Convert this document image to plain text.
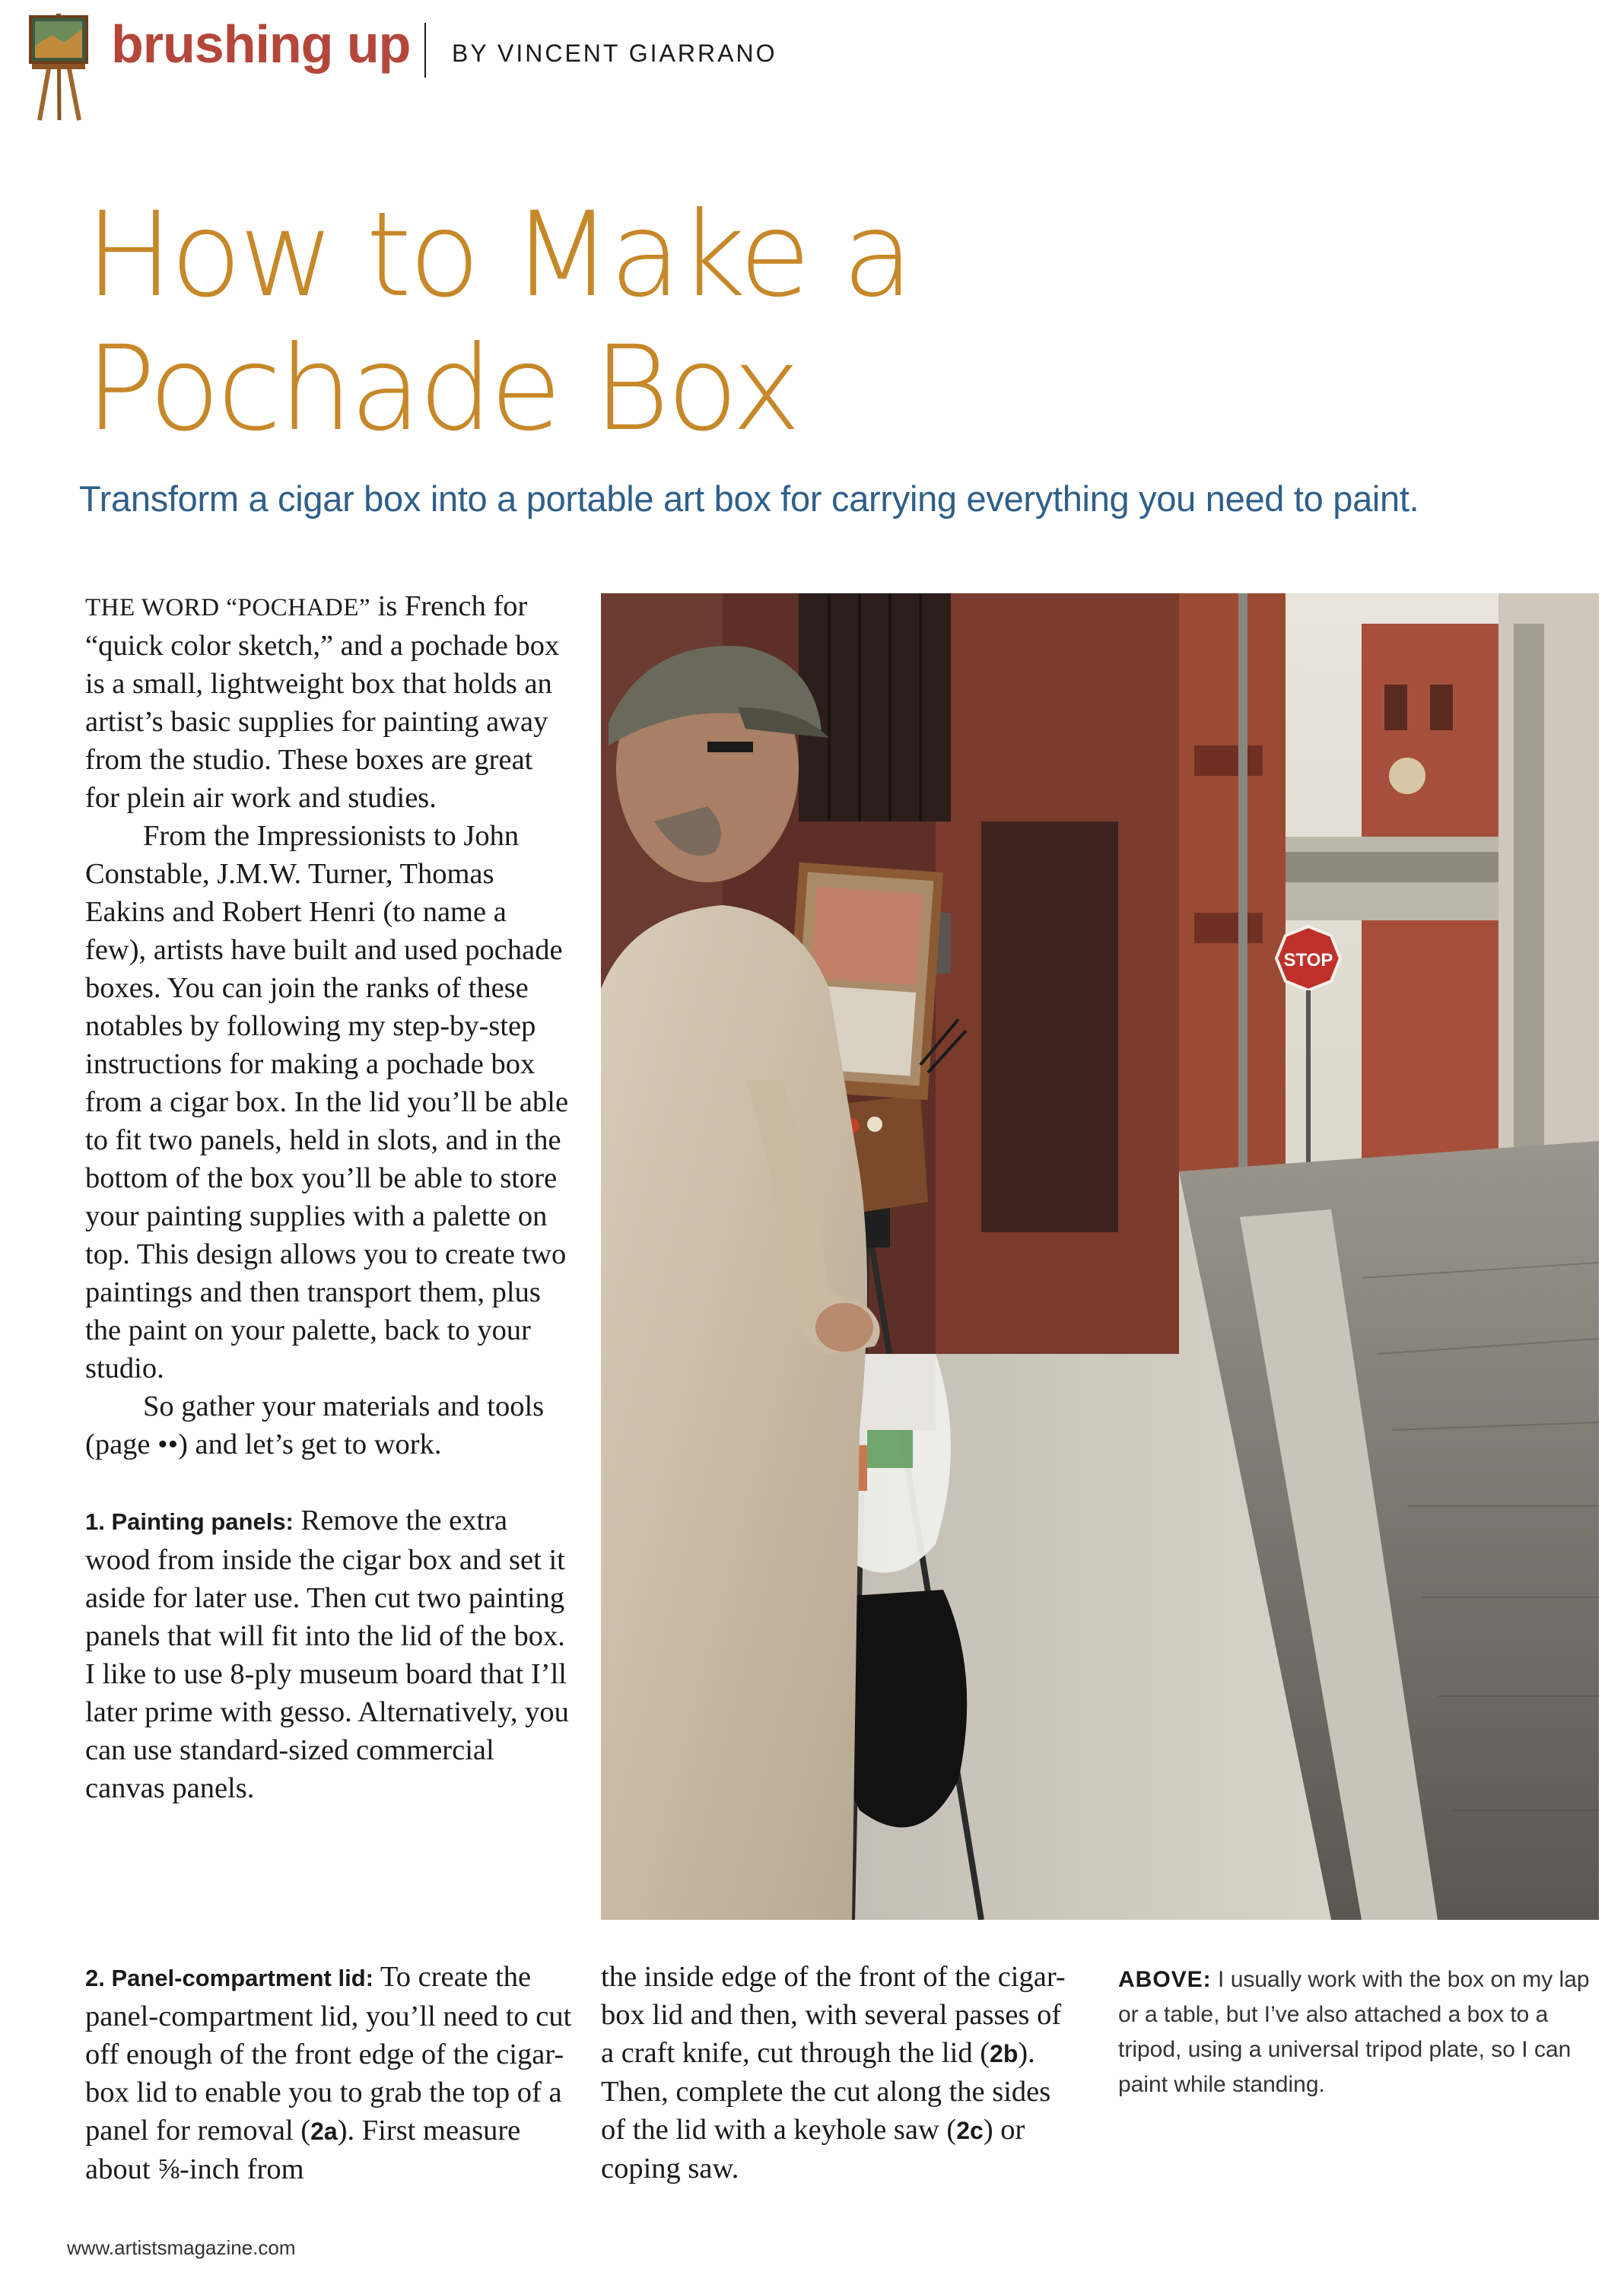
brushing up BY VINCENT GIARRANO
How to Make a
Pochade Box
Transform a cigar box into a portable art box for carrying everything you need to paint.

THE WORD “POCHADE” is French for “quick color sketch,” and a pochade box is a small, lightweight box that holds an artist’s basic supplies for painting away from the studio. These boxes are great for plein air work and studies.

From the Impressionists to John Constable, J.M.W. Turner, Thomas Eakins and Robert Henri (to name a few), artists have built and used pochade boxes. You can join the ranks of these notables by following my step-by-step instructions for making a pochade box from a cigar box. In the lid you’ll be able to fit two panels, held in slots, and in the bottom of the box you’ll be able to store your painting supplies with a palette on top. This design allows you to create two paintings and then transport them, plus the paint on your palette, back to your studio.

So gather your materials and tools (page ••) and let’s get to work.

1. Painting panels: Remove the extra wood from inside the cigar box and set it aside for later use. Then cut two painting panels that will fit into the lid of the box. I like to use 8-ply museum board that I’ll later prime with gesso. Alternatively, you can use standard-sized commercial canvas panels.

STOP

2. Panel-compartment lid: To create the panel-compartment lid, you’ll need to cut off enough of the front edge of the cigar-box lid to enable you to grab the top of a panel for removal (2a). First measure about ⅝-inch from

the inside edge of the front of the cigar-box lid and then, with several passes of a craft knife, cut through the lid (2b). Then, complete the cut along the sides of the lid with a keyhole saw (2c) or coping saw.

ABOVE: I usually work with the box on my lap or a table, but I’ve also attached a box to a tripod, using a universal tripod plate, so I can paint while standing.
www.artistsmagazine.com
